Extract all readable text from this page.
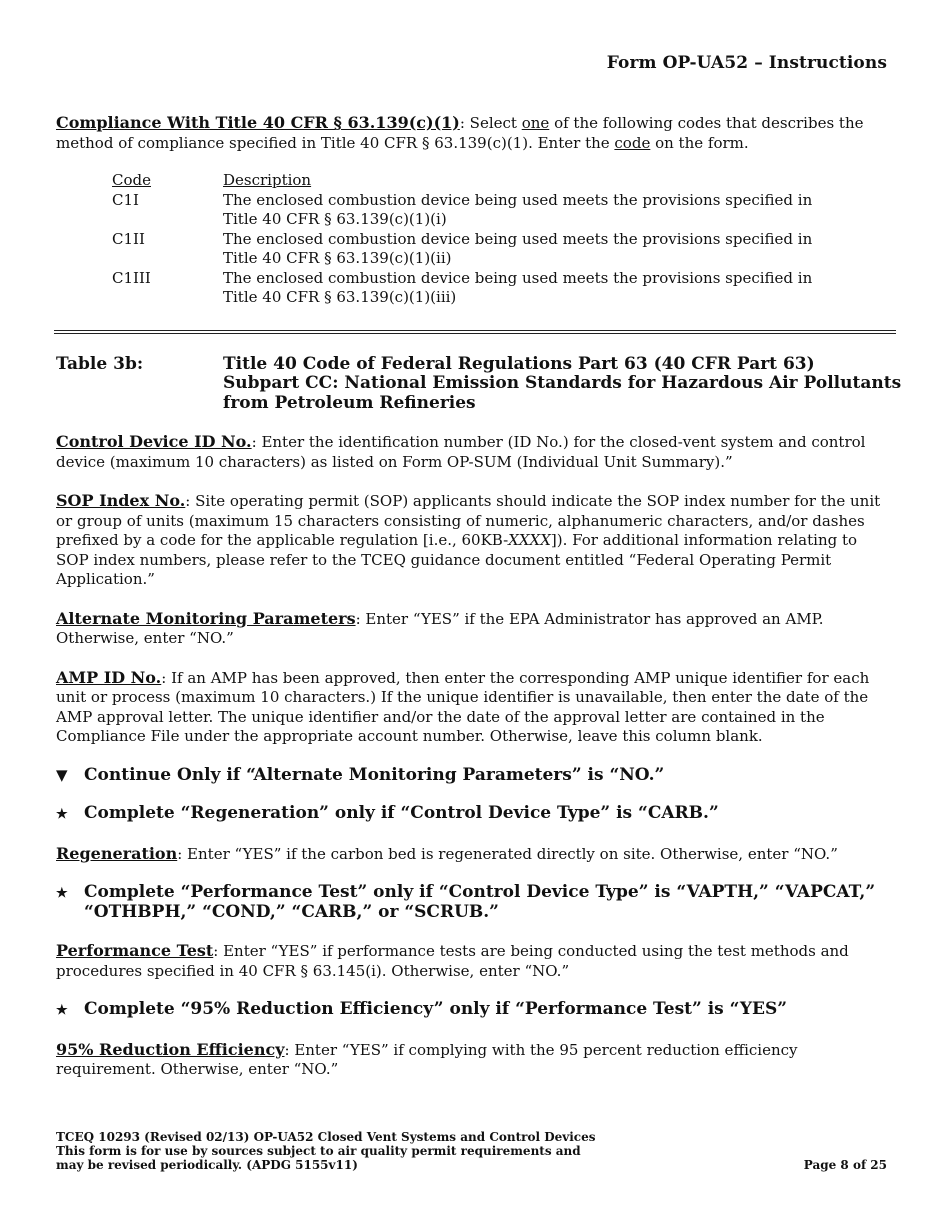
Form OP-UA52 – Instructions

Compliance With Title 40 CFR § 63.139(c)(1): Select one of the following codes that describes the method of compliance specified in Title 40 CFR § 63.139(c)(1). Enter the code on the form.

Code	Description
C1I	The enclosed combustion device being used meets the provisions specified in
Title 40 CFR § 63.139(c)(1)(i)

C1II	The enclosed combustion device being used meets the provisions specified in
Title 40 CFR § 63.139(c)(1)(ii)

C1III	The enclosed combustion device being used meets the provisions specified in
Title 40 CFR § 63.139(c)(1)(iii)
Table 3b:	Title 40 Code of Federal Regulations Part 63 (40 CFR Part 63)
Subpart CC: National Emission Standards for Hazardous Air Pollutants
from Petroleum Refineries

Control Device ID No.: Enter the identification number (ID No.) for the closed-vent system and control device (maximum 10 characters) as listed on Form OP-SUM (Individual Unit Summary).”

SOP Index No.: Site operating permit (SOP) applicants should indicate the SOP index number for the unit or group of units (maximum 15 characters consisting of numeric, alphanumeric characters, and/or dashes prefixed by a code for the applicable regulation [i.e., 60KB-XXXX]). For additional information relating to SOP index numbers, please refer to the TCEQ guidance document entitled “Federal Operating Permit Application.”

Alternate Monitoring Parameters: Enter “YES” if the EPA Administrator has approved an AMP. Otherwise, enter “NO.”

AMP ID No.: If an AMP has been approved, then enter the corresponding AMP unique identifier for each unit or process (maximum 10 characters.) If the unique identifier is unavailable, then enter the date of the AMP approval letter. The unique identifier and/or the date of the approval letter are contained in the Compliance File under the appropriate account number. Otherwise, leave this column blank.

▼ Continue Only if “Alternate Monitoring Parameters” is “NO.”
★ Complete “Regeneration” only if “Control Device Type” is “CARB.”

Regeneration: Enter “YES” if the carbon bed is regenerated directly on site. Otherwise, enter “NO.”

★ Complete “Performance Test” only if “Control Device Type” is “VAPTH,” “VAPCAT,” “OTHBPH,” “COND,” “CARB,” or “SCRUB.”

Performance Test: Enter “YES” if performance tests are being conducted using the test methods and procedures specified in 40 CFR § 63.145(i). Otherwise, enter “NO.”

★ Complete “95% Reduction Efficiency” only if “Performance Test” is “YES”

95% Reduction Efficiency: Enter “YES” if complying with the 95 percent reduction efficiency requirement. Otherwise, enter “NO.”

TCEQ 10293 (Revised 02/13) OP-UA52 Closed Vent Systems and Control Devices
This form is for use by sources subject to air quality permit requirements and
may be revised periodically. (APDG 5155v11)	Page 8 of 25
